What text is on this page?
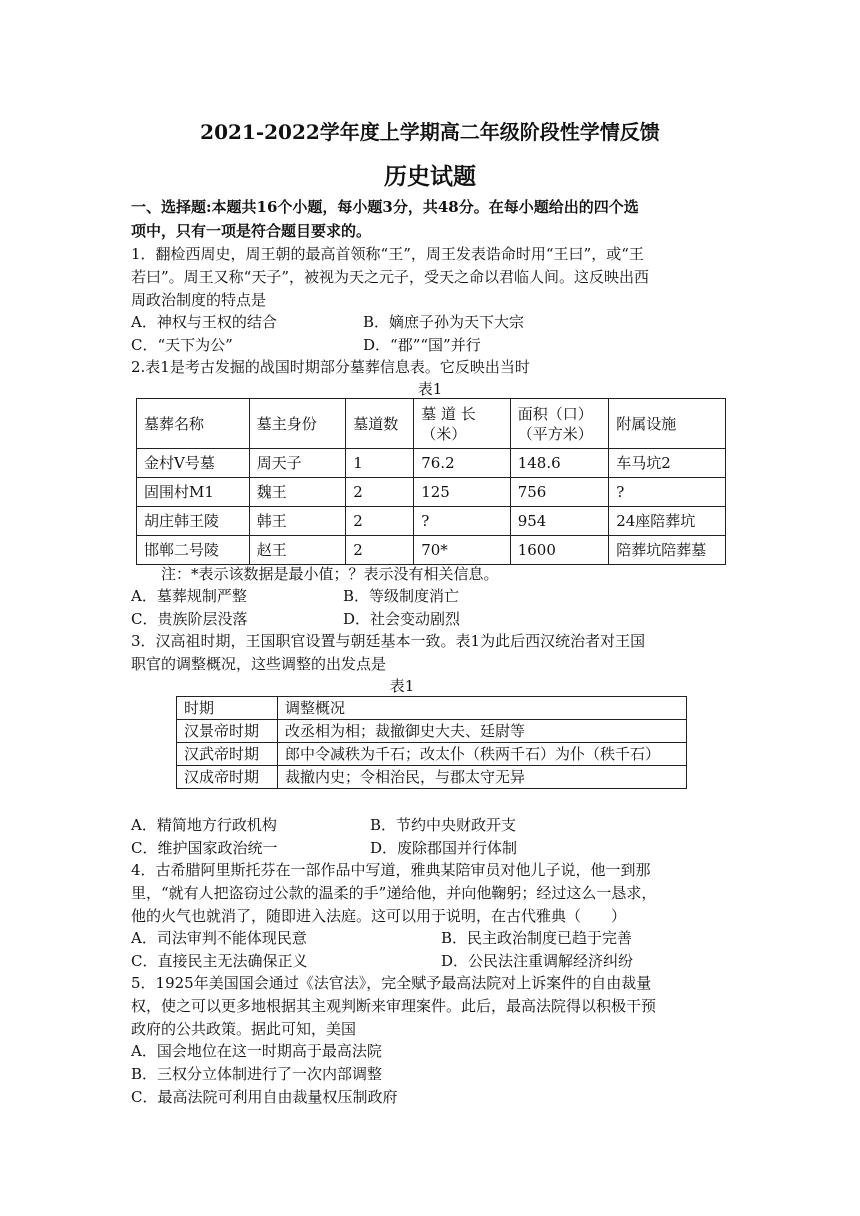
2021-2022学年度上学期高二年级阶段性学情反馈
历史试题
一、选择题:本题共16个小题，每小题3分，共48分。在每小题给出的四个选
项中，只有一项是符合题目要求的。
1．翻检西周史，周王朝的最高首领称“王”，周王发表诰命时用“王曰”，或“王
若曰”。周王又称“天子”，被视为天之元子，受天之命以君临人间。这反映出西
周政治制度的特点是
A．神权与王权的结合	B．嫡庶子孙为天下大宗
C．“天下为公”	D．“郡”“国”并行
2.表1是考古发掘的战国时期部分墓葬信息表。它反映出当时
表1
墓葬名称	墓主身份	墓道数	墓 道 长（米）	面积（口）（平方米）	附属设施
金村Ⅴ号墓	周天子	1	76.2	148.6	车马坑2
固围村M1	魏王	2	125	756	?
胡庄韩王陵	韩王	2	?	954	24座陪葬坑
邯郸二号陵	赵王	2	70*	1600	陪葬坑陪葬墓
注：*表示该数据是最小值；？表示没有相关信息。
A．墓葬规制严整	B．等级制度消亡
C．贵族阶层没落	D．社会变动剧烈
3．汉高祖时期，王国职官设置与朝廷基本一致。表1为此后西汉统治者对王国
职官的调整概况，这些调整的出发点是
表1
时期	调整概况
汉景帝时期	改丞相为相；裁撤御史大夫、廷尉等
汉武帝时期	郎中令减秩为千石；改太仆（秩两千石）为仆（秩千石）
汉成帝时期	裁撤内史；令相治民，与郡太守无异
A．精简地方行政机构	B．节约中央财政开支
C．维护国家政治统一	D．废除郡国并行体制
4．古希腊阿里斯托芬在一部作品中写道，雅典某陪审员对他儿子说，他一到那
里，“就有人把盗窃过公款的温柔的手”递给他，并向他鞠躬；经过这么一恳求，
他的火气也就消了，随即进入法庭。这可以用于说明，在古代雅典（　　）
A．司法审判不能体现民意	B．民主政治制度已趋于完善
C．直接民主无法确保正义	D．公民法注重调解经济纠纷
5．1925年美国国会通过《法官法》，完全赋予最高法院对上诉案件的自由裁量
权，使之可以更多地根据其主观判断来审理案件。此后，最高法院得以积极干预
政府的公共政策。据此可知，美国
A．国会地位在这一时期高于最高法院
B．三权分立体制进行了一次内部调整
C．最高法院可利用自由裁量权压制政府
